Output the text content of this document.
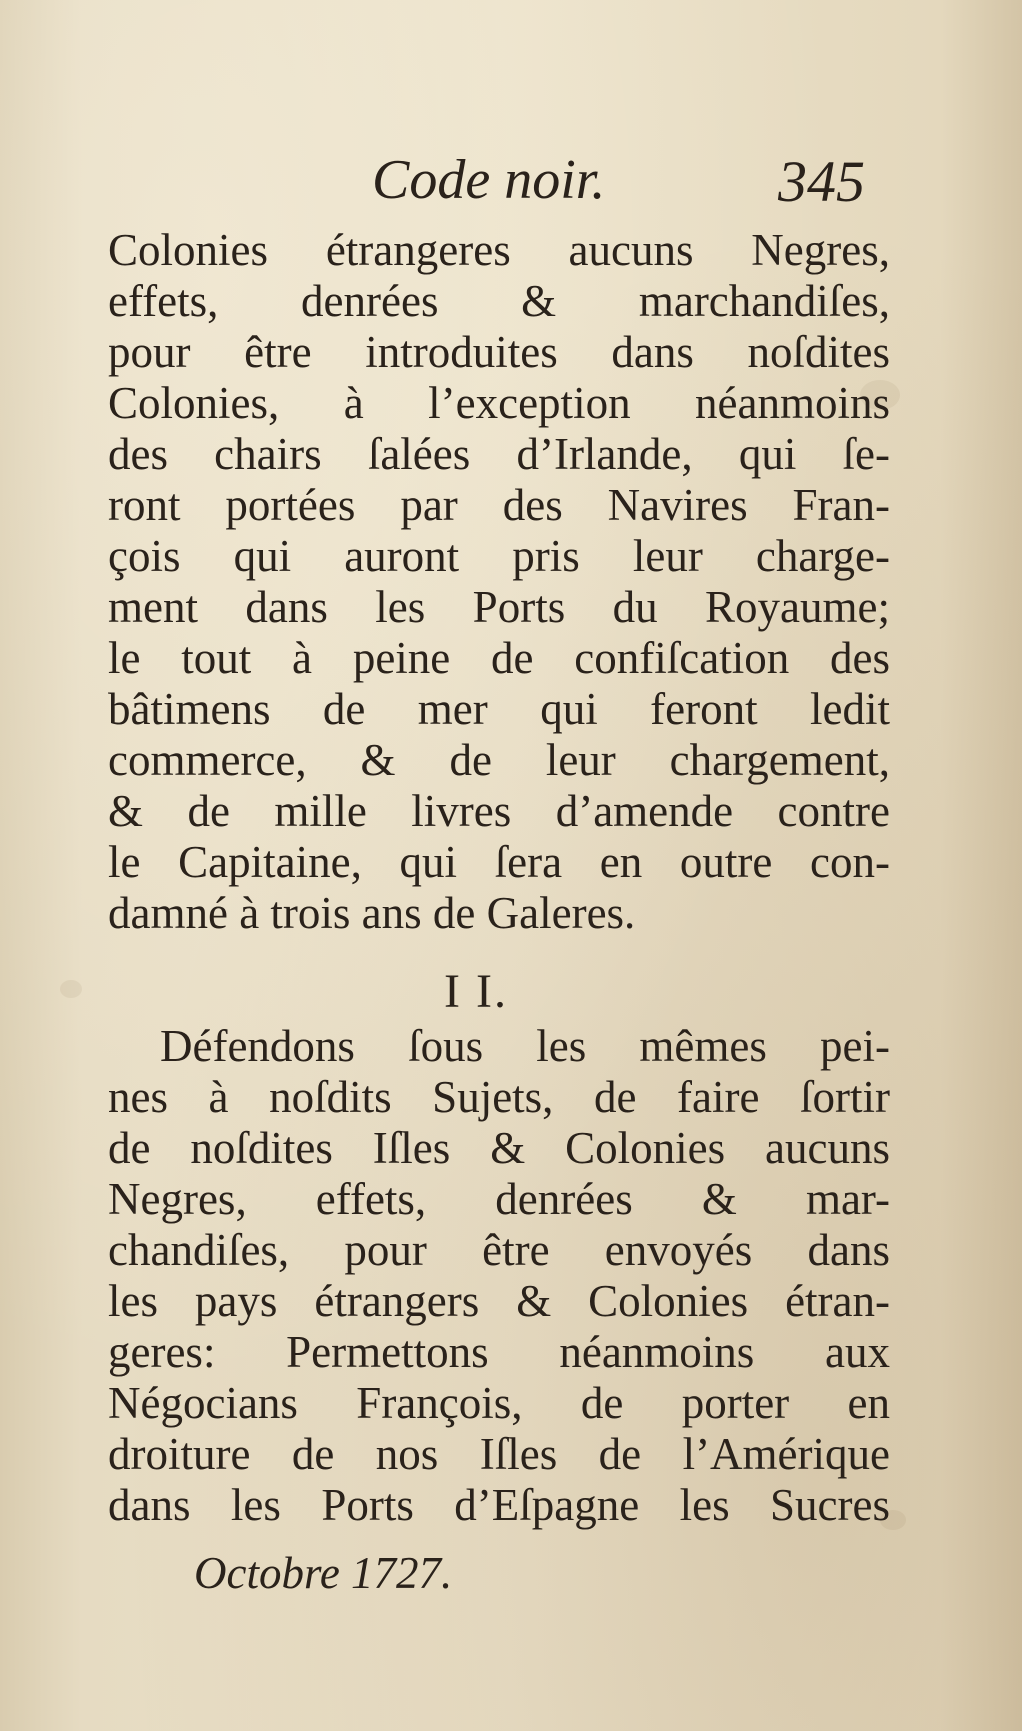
Code noir.	345
Colonies étrangeres aucuns Negres,
effets, denrées & marchandiſes,
pour être introduites dans noſdites
Colonies, à l’exception néanmoins
des chairs ſalées d’Irlande, qui ſe-
ront portées par des Navires Fran-
çois qui auront pris leur charge-
ment dans les Ports du Royaume;
le tout à peine de confiſcation des
bâtimens de mer qui feront ledit
commerce, & de leur chargement,
& de mille livres d’amende contre
le Capitaine, qui ſera en outre con-
damné à trois ans de Galeres.
I I.
Défendons ſous les mêmes pei-
nes à noſdits Sujets, de faire ſortir
de noſdites Iſles & Colonies aucuns
Negres, effets, denrées & mar-
chandiſes, pour être envoyés dans
les pays étrangers & Colonies étran-
geres: Permettons néanmoins aux
Négocians François, de porter en
droiture de nos Iſles de l’Amérique
dans les Ports d’Eſpagne les Sucres
Octobre 1727.
